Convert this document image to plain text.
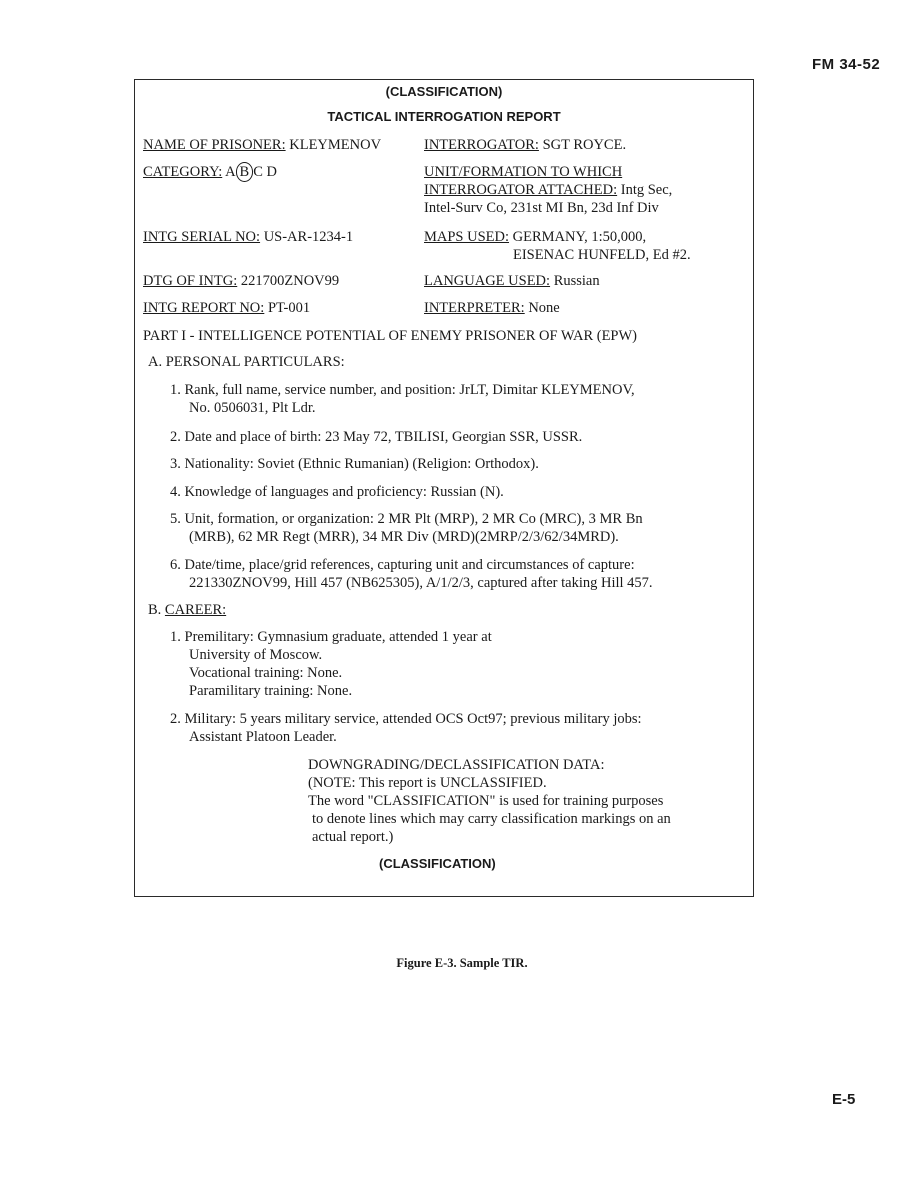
FM 34-52
(CLASSIFICATION)
TACTICAL INTERROGATION REPORT
NAME OF PRISONER: KLEYMENOV	INTERROGATOR: SGT ROYCE.
CATEGORY: A B C D	UNIT/FORMATION TO WHICH
INTERROGATOR ATTACHED: Intg Sec,
Intel-Surv Co, 231st MI Bn, 23d Inf Div
INTG SERIAL NO: US-AR-1234-1	MAPS USED: GERMANY, 1:50,000,
EISENAC HUNFELD, Ed #2.
DTG OF INTG: 221700ZNOV99	LANGUAGE USED: Russian
INTG REPORT NO: PT-001	INTERPRETER: None
PART I - INTELLIGENCE POTENTIAL OF ENEMY PRISONER OF WAR (EPW)
A. PERSONAL PARTICULARS:
1. Rank, full name, service number, and position: JrLT, Dimitar KLEYMENOV,
No. 0506031, Plt Ldr.
2. Date and place of birth: 23 May 72, TBILISI, Georgian SSR, USSR.
3. Nationality: Soviet (Ethnic Rumanian) (Religion: Orthodox).
4. Knowledge of languages and proficiency: Russian (N).
5. Unit, formation, or organization: 2 MR Plt (MRP), 2 MR Co (MRC), 3 MR Bn
(MRB), 62 MR Regt (MRR), 34 MR Div (MRD)(2MRP/2/3/62/34MRD).
6. Date/time, place/grid references, capturing unit and circumstances of capture:
221330ZNOV99, Hill 457 (NB625305), A/1/2/3, captured after taking Hill 457.
B. CAREER:
1. Premilitary: Gymnasium graduate, attended 1 year at
University of Moscow.
Vocational training: None.
Paramilitary training: None.
2. Military: 5 years military service, attended OCS Oct97; previous military jobs:
Assistant Platoon Leader.
DOWNGRADING/DECLASSIFICATION DATA:
(NOTE: This report is UNCLASSIFIED.
The word "CLASSIFICATION" is used for training purposes
to denote lines which may carry classification markings on an
actual report.)
(CLASSIFICATION)
Figure E-3. Sample TIR.
E-5
